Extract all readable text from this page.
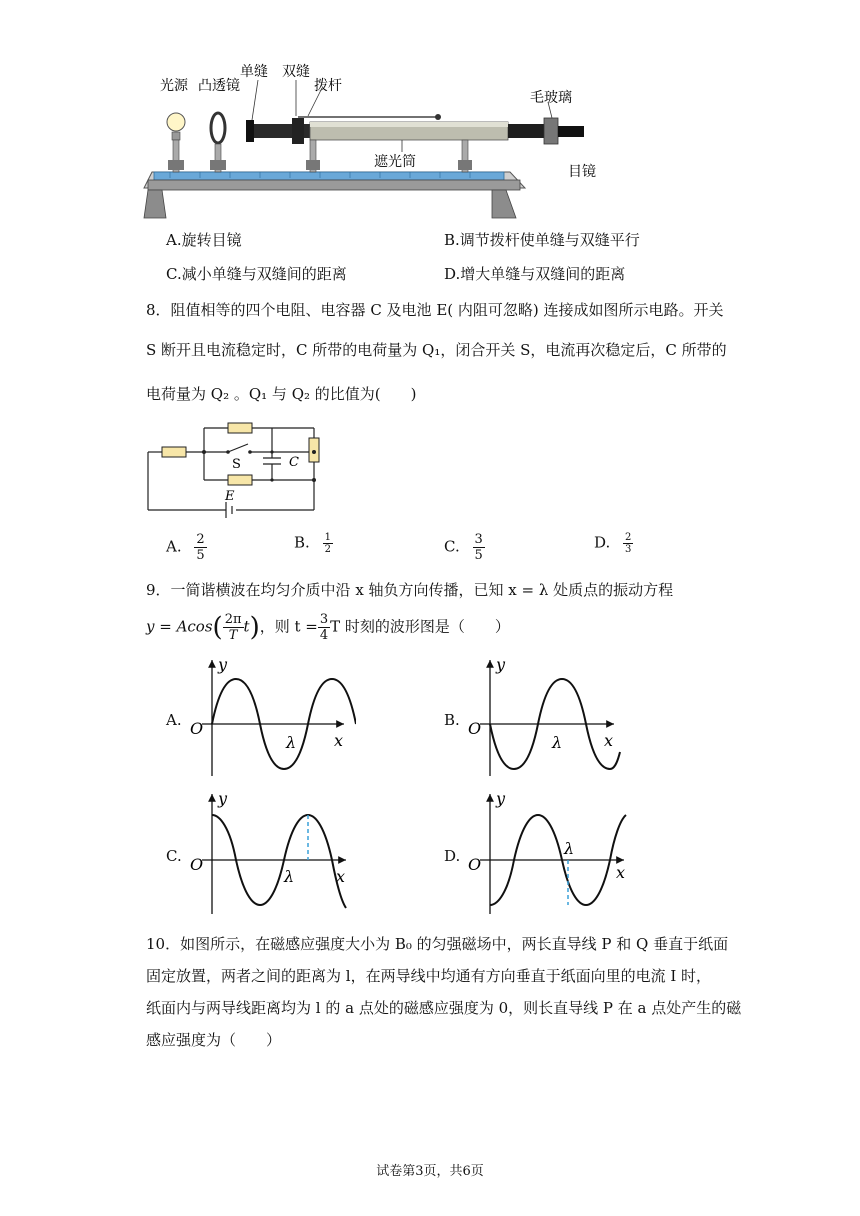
光源 凸透镜
单缝 双缝
拨杆
毛玻璃
目镜
遮光筒
A.旋转目镜	B.调节拨杆使单缝与双缝平行
C.减小单缝与双缝间的距离	D.增大单缝与双缝间的距离
8．阻值相等的四个电阻、电容器 C 及电池 E( 内阻可忽略) 连接成如图所示电路。开关
S 断开且电流稳定时，C 所带的电荷量为 Q₁，闭合开关 S，电流再次稳定后，C 所带的
电荷量为 Q₂ 。Q₁ 与 Q₂ 的比值为(　　)
S	C
E
A. $\frac{2}{5}$	B. $\frac{1}{2}$	C. $\frac{3}{5}$	D. $\frac{2}{3}$
9．一简谐横波在均匀介质中沿 x 轴负方向传播，已知 x = λ 处质点的振动方程
$y = Acos( \frac{2\pi}{T} t)$，则 $t = \frac{3}{4}$ T 时刻的波形图是（　　）
A.
y
O
x
λ
B.
y
O
x
λ
C.
y
O
x
λ
D.
y
O	x
λ
10．如图所示，在磁感应强度大小为 B₀ 的匀强磁场中，两长直导线 P 和 Q 垂直于纸面
固定放置，两者之间的距离为 l，在两导线中均通有方向垂直于纸面向里的电流 I 时，
纸面内与两导线距离均为 l 的 a 点处的磁感应强度为 0，则长直导线 P 在 a 点处产生的磁
感应强度为（　　）
试卷第3页，共6页
